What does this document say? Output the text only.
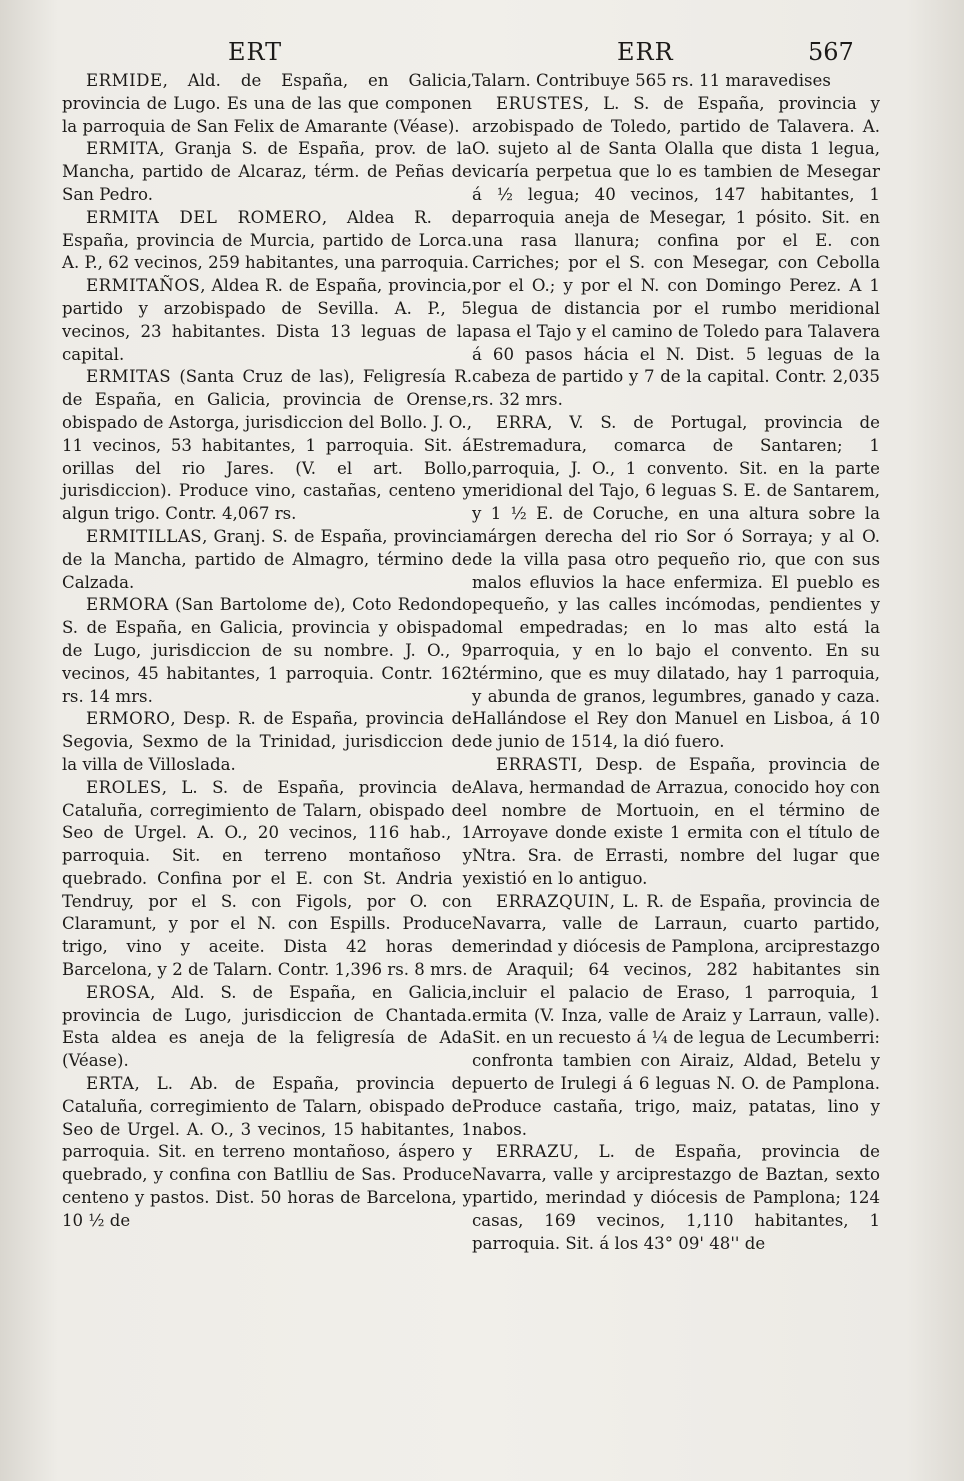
ERT	ERR	567

ERMIDE, Ald. de España, en Galicia, provincia de Lugo. Es una de las que componen la parroquia de San Felix de Amarante (Véase).

ERMITA, Granja S. de España, prov. de la Mancha, partido de Alcaraz, térm. de Peñas de San Pedro.

ERMITA DEL ROMERO, Aldea R. de España, provincia de Murcia, partido de Lorca. A. P., 62 vecinos, 259 habitantes, una parroquia.

ERMITAÑOS, Aldea R. de España, provincia, partido y arzobispado de Sevilla. A. P., 5 vecinos, 23 habitantes. Dista 13 leguas de la capital.

ERMITAS (Santa Cruz de las), Feligresía R. de España, en Galicia, provincia de Orense, obispado de Astorga, jurisdiccion del Bollo. J. O., 11 vecinos, 53 habitantes, 1 parroquia. Sit. á orillas del rio Jares. (V. el art. Bollo, jurisdiccion). Produce vino, castañas, centeno y algun trigo. Contr. 4,067 rs.

ERMITILLAS, Granj. S. de España, provincia de la Mancha, partido de Almagro, término de Calzada.

ERMORA (San Bartolome de), Coto Redondo S. de España, en Galicia, provincia y obispado de Lugo, jurisdiccion de su nombre. J. O., 9 vecinos, 45 habitantes, 1 parroquia. Contr. 162 rs. 14 mrs.

ERMORO, Desp. R. de España, provincia de Segovia, Sexmo de la Trinidad, jurisdiccion de la villa de Villoslada.

EROLES, L. S. de España, provincia de Cataluña, corregimiento de Talarn, obispado de Seo de Urgel. A. O., 20 vecinos, 116 hab., 1 parroquia. Sit. en terreno montañoso y quebrado. Confina por el E. con St. Andria y Tendruy, por el S. con Figols, por O. con Claramunt, y por el N. con Espills. Produce trigo, vino y aceite. Dista 42 horas de Barcelona, y 2 de Talarn. Contr. 1,396 rs. 8 mrs.

EROSA, Ald. S. de España, en Galicia, provincia de Lugo, jurisdiccion de Chantada. Esta aldea es aneja de la feligresía de Ada (Véase).

ERTA, L. Ab. de España, provincia de Cataluña, corregimiento de Talarn, obispado de Seo de Urgel. A. O., 3 vecinos, 15 habitantes, 1 parroquia. Sit. en terreno montañoso, áspero y quebrado, y confina con Batlliu de Sas. Produce centeno y pastos. Dist. 50 horas de Barcelona, y 10 ½ de

Talarn. Contribuye 565 rs. 11 maravedises

ERUSTES, L. S. de España, provincia y arzobispado de Toledo, partido de Talavera. A. O. sujeto al de Santa Olalla que dista 1 legua, vicaría perpetua que lo es tambien de Mesegar á ½ legua; 40 vecinos, 147 habitantes, 1 parroquia aneja de Mesegar, 1 pósito. Sit. en una rasa llanura; confina por el E. con Carriches; por el S. con Mesegar, con Cebolla por el O.; y por el N. con Domingo Perez. A 1 legua de distancia por el rumbo meridional pasa el Tajo y el camino de Toledo para Talavera á 60 pasos hácia el N. Dist. 5 leguas de la cabeza de partido y 7 de la capital. Contr. 2,035 rs. 32 mrs.

ERRA, V. S. de Portugal, provincia de Estremadura, comarca de Santaren; 1 parroquia, J. O., 1 convento. Sit. en la parte meridional del Tajo, 6 leguas S. E. de Santarem, y 1 ½ E. de Coruche, en una altura sobre la márgen derecha del rio Sor ó Sorraya; y al O. de la villa pasa otro pequeño rio, que con sus malos efluvios la hace enfermiza. El pueblo es pequeño, y las calles incómodas, pendientes y mal empedradas; en lo mas alto está la parroquia, y en lo bajo el convento. En su término, que es muy dilatado, hay 1 parroquia, y abunda de granos, legumbres, ganado y caza. Hallándose el Rey don Manuel en Lisboa, á 10 de junio de 1514, la dió fuero.

ERRASTI, Desp. de España, provincia de Alava, hermandad de Arrazua, conocido hoy con el nombre de Mortuoin, en el término de Arroyave donde existe 1 ermita con el título de Ntra. Sra. de Errasti, nombre del lugar que existió en lo antiguo.

ERRAZQUIN, L. R. de España, provincia de Navarra, valle de Larraun, cuarto partido, merindad y diócesis de Pamplona, arciprestazgo de Araquil; 64 vecinos, 282 habitantes sin incluir el palacio de Eraso, 1 parroquia, 1 ermita (V. Inza, valle de Araiz y Larraun, valle). Sit. en un recuesto á ¼ de legua de Lecumberri: confronta tambien con Airaiz, Aldad, Betelu y puerto de Irulegi á 6 leguas N. O. de Pamplona. Produce castaña, trigo, maiz, patatas, lino y nabos.

ERRAZU, L. de España, provincia de Navarra, valle y arciprestazgo de Baztan, sexto partido, merindad y diócesis de Pamplona; 124 casas, 169 vecinos, 1,110 habitantes, 1 parroquia. Sit. á los 43° 09' 48'' de
